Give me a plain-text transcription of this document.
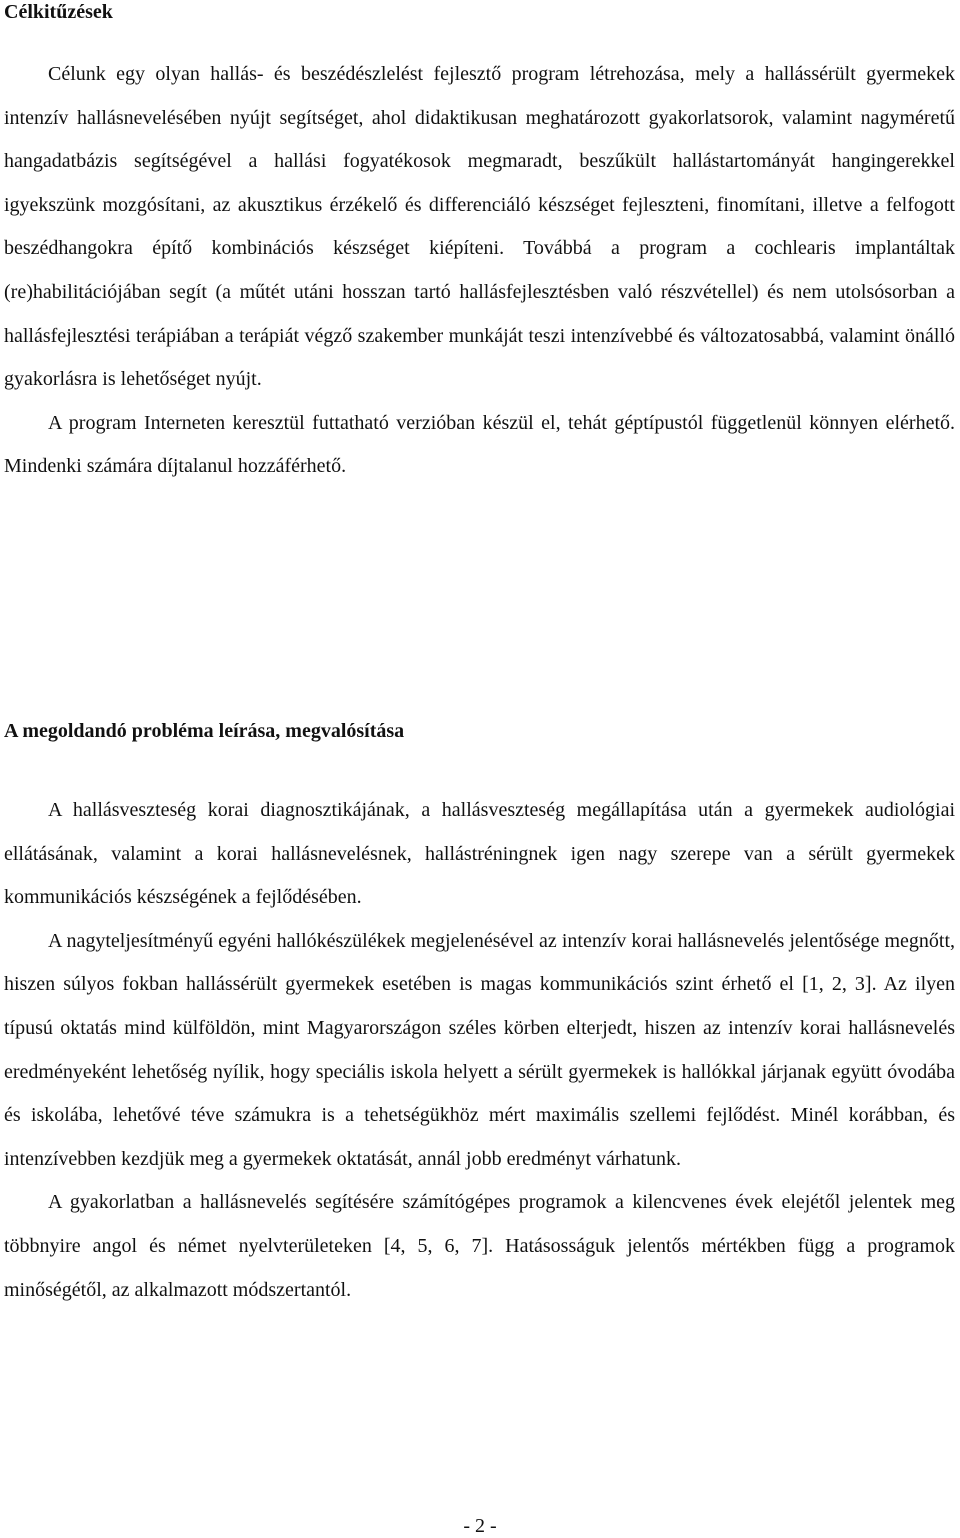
Célkitűzések

Célunk egy olyan hallás- és beszédészlelést fejlesztő program létrehozása, mely a hallássérült gyermekek intenzív hallásnevelésében nyújt segítséget, ahol didaktikusan meghatározott gyakorlatsorok, valamint nagyméretű hangadatbázis segítségével a hallási fogyatékosok megmaradt, beszűkült hallástartományát hangingerekkel igyekszünk mozgósítani, az akusztikus érzékelő és differenciáló készséget fejleszteni, finomítani, illetve a felfogott beszédhangokra építő kombinációs készséget kiépíteni. Továbbá a program a cochlearis implantáltak (re)habilitációjában segít (a műtét utáni hosszan tartó hallásfejlesztésben való részvétellel) és nem utolsósorban a hallásfejlesztési terápiában a terápiát végző szakember munkáját teszi intenzívebbé és változatosabbá, valamint önálló gyakorlásra is lehetőséget nyújt.

A program Interneten keresztül futtatható verzióban készül el, tehát géptípustól függetlenül könnyen elérhető. Mindenki számára díjtalanul hozzáférhető.

A megoldandó probléma leírása, megvalósítása

A hallásveszteség korai diagnosztikájának, a hallásveszteség megállapítása után a gyermekek audiológiai ellátásának, valamint a korai hallásnevelésnek, hallástréningnek igen nagy szerepe van a sérült gyermekek kommunikációs készségének a fejlődésében.

A nagyteljesítményű egyéni hallókészülékek megjelenésével az intenzív korai hallásnevelés jelentősége megnőtt, hiszen súlyos fokban hallássérült gyermekek esetében is magas kommunikációs szint érhető el [1, 2, 3]. Az ilyen típusú oktatás mind külföldön, mint Magyarországon széles körben elterjedt, hiszen az intenzív korai hallásnevelés eredményeként lehetőség nyílik, hogy speciális iskola helyett a sérült gyermekek is hallókkal járjanak együtt óvodába és iskolába, lehetővé téve számukra is a tehetségükhöz mért maximális szellemi fejlődést. Minél korábban, és intenzívebben kezdjük meg a gyermekek oktatását, annál jobb eredményt várhatunk.

A gyakorlatban a hallásnevelés segítésére számítógépes programok a kilencvenes évek elejétől jelentek meg többnyire angol és német nyelvterületeken [4, 5, 6, 7]. Hatásosságuk jelentős mértékben függ a programok minőségétől, az alkalmazott módszertantól.

- 2 -
